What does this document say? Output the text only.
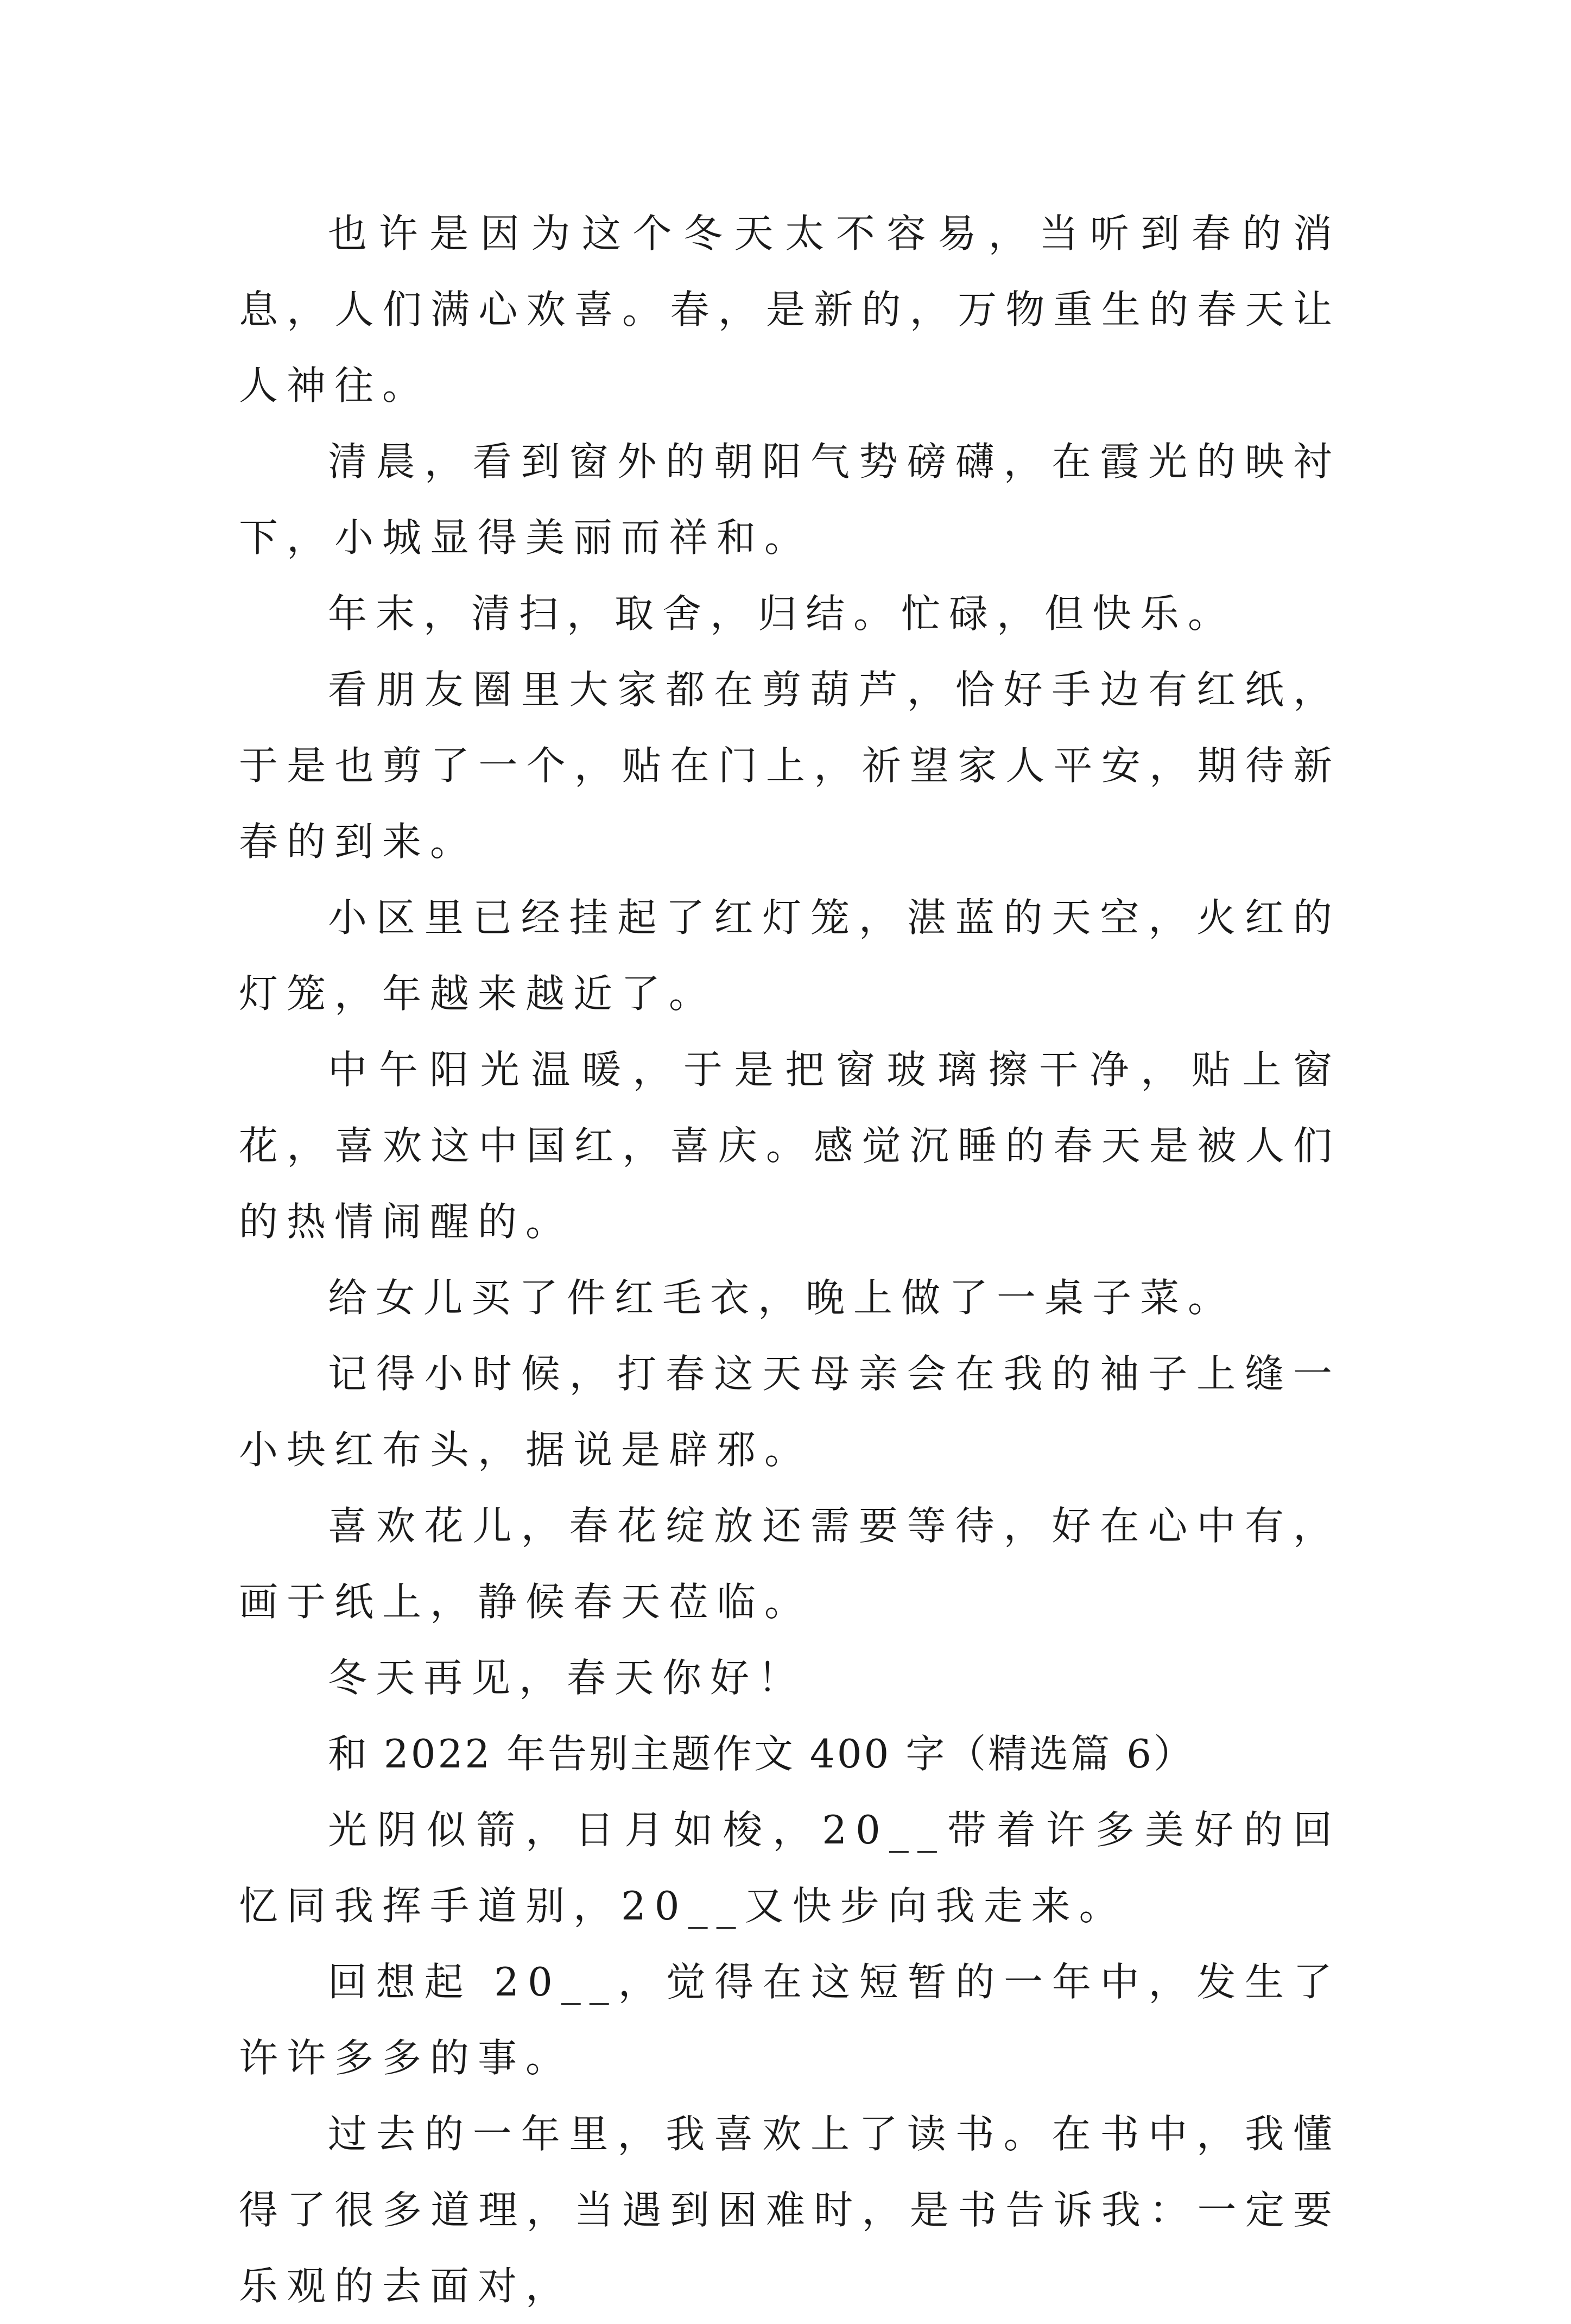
也许是因为这个冬天太不容易，当听到春的消息，人们满心欢喜。春，是新的，万物重生的春天让人神往。

清晨，看到窗外的朝阳气势磅礴，在霞光的映衬下，小城显得美丽而祥和。

年末，清扫，取舍，归结。忙碌，但快乐。

看朋友圈里大家都在剪葫芦，恰好手边有红纸，于是也剪了一个，贴在门上，祈望家人平安，期待新春的到来。

小区里已经挂起了红灯笼，湛蓝的天空，火红的灯笼，年越来越近了。

中午阳光温暖，于是把窗玻璃擦干净，贴上窗花，喜欢这中国红，喜庆。感觉沉睡的春天是被人们的热情闹醒的。

给女儿买了件红毛衣，晚上做了一桌子菜。

记得小时候，打春这天母亲会在我的袖子上缝一小块红布头，据说是辟邪。

喜欢花儿，春花绽放还需要等待，好在心中有，画于纸上，静候春天莅临。

冬天再见，春天你好！

和 2022 年告别主题作文 400 字（精选篇 6）

光阴似箭，日月如梭，20__带着许多美好的回忆同我挥手道别，20__又快步向我走来。

回想起 20__，觉得在这短暂的一年中，发生了许许多多的事。

过去的一年里，我喜欢上了读书。在书中，我懂得了很多道理，当遇到困难时，是书告诉我：一定要乐观的去面对，
